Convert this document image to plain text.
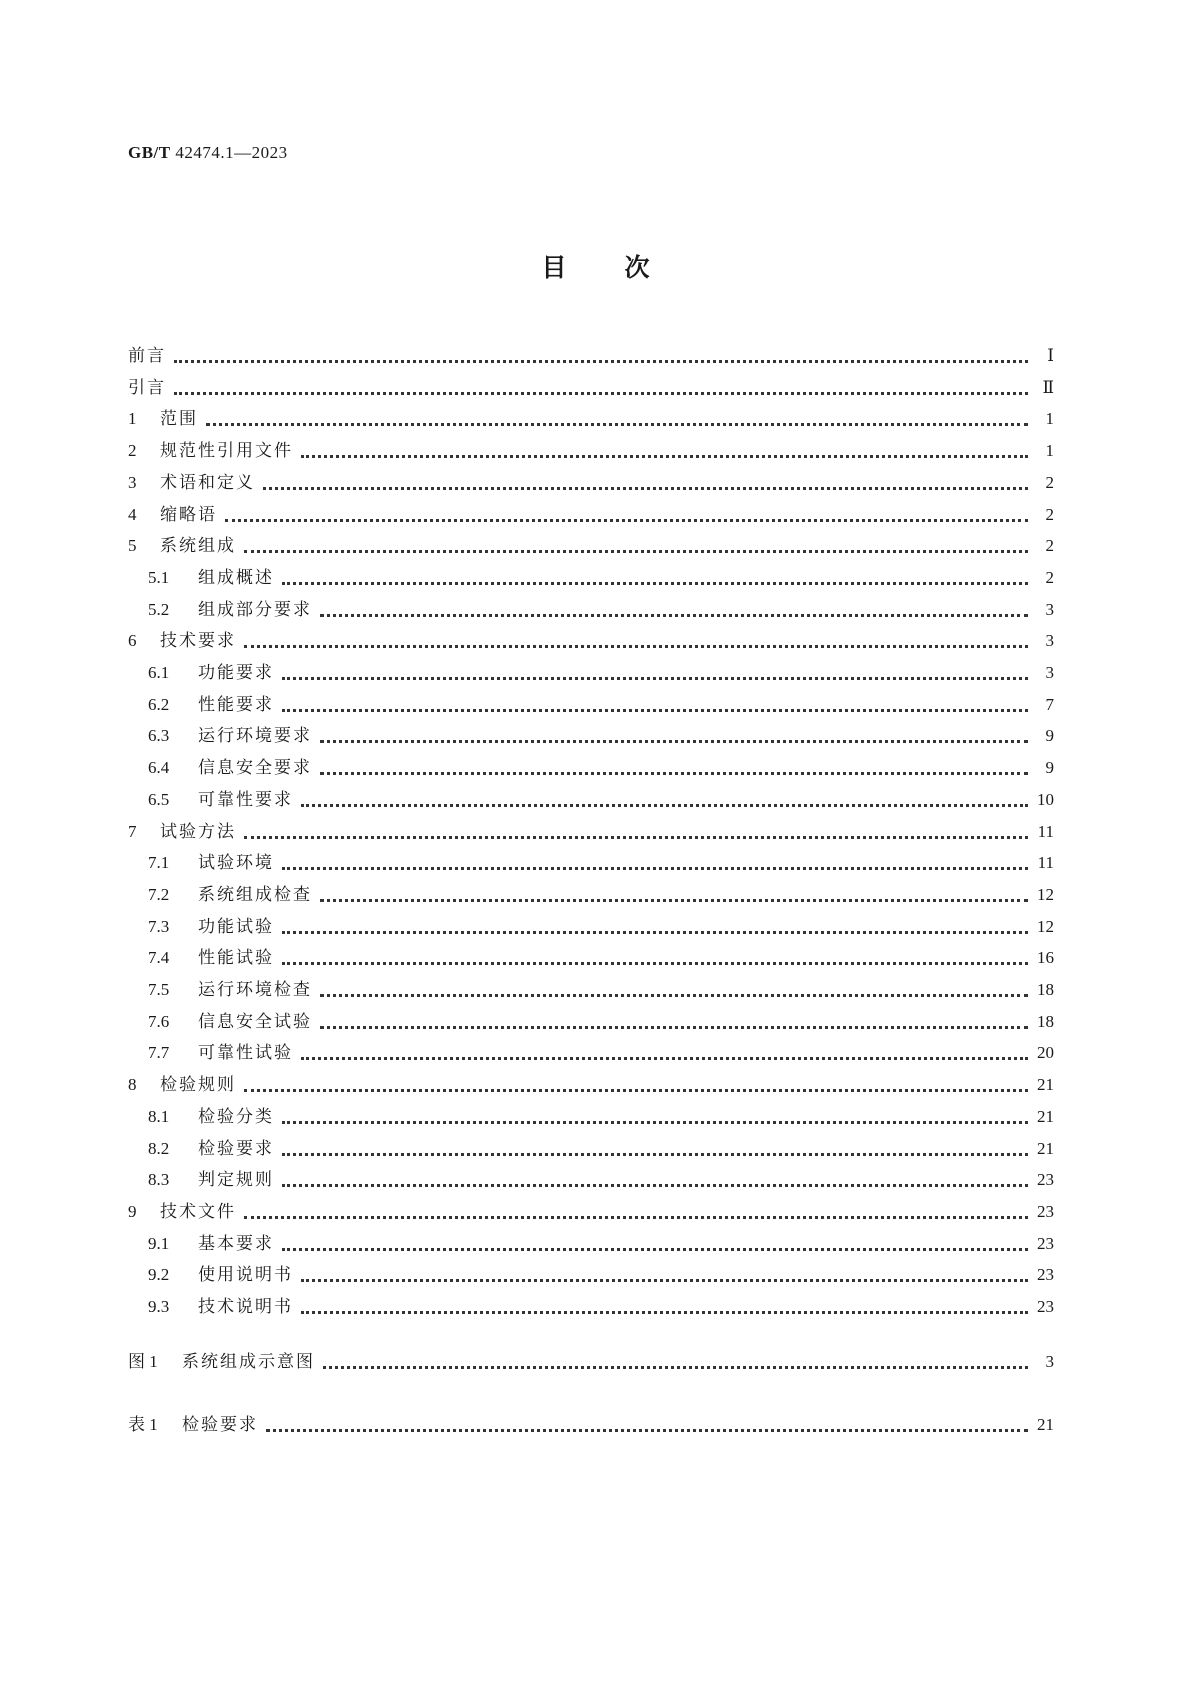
GB/T 42474.1—2023
目 次
前言	Ⅰ
引言	Ⅱ
1	范围	1
2	规范性引用文件	1
3	术语和定义	2
4	缩略语	2
5	系统组成	2
5.1	组成概述	2
5.2	组成部分要求	3
6	技术要求	3
6.1	功能要求	3
6.2	性能要求	7
6.3	运行环境要求	9
6.4	信息安全要求	9
6.5	可靠性要求	10
7	试验方法	11
7.1	试验环境	11
7.2	系统组成检查	12
7.3	功能试验	12
7.4	性能试验	16
7.5	运行环境检查	18
7.6	信息安全试验	18
7.7	可靠性试验	20
8	检验规则	21
8.1	检验分类	21
8.2	检验要求	21
8.3	判定规则	23
9	技术文件	23
9.1	基本要求	23
9.2	使用说明书	23
9.3	技术说明书	23
图 1	系统组成示意图	3
表 1	检验要求	21
